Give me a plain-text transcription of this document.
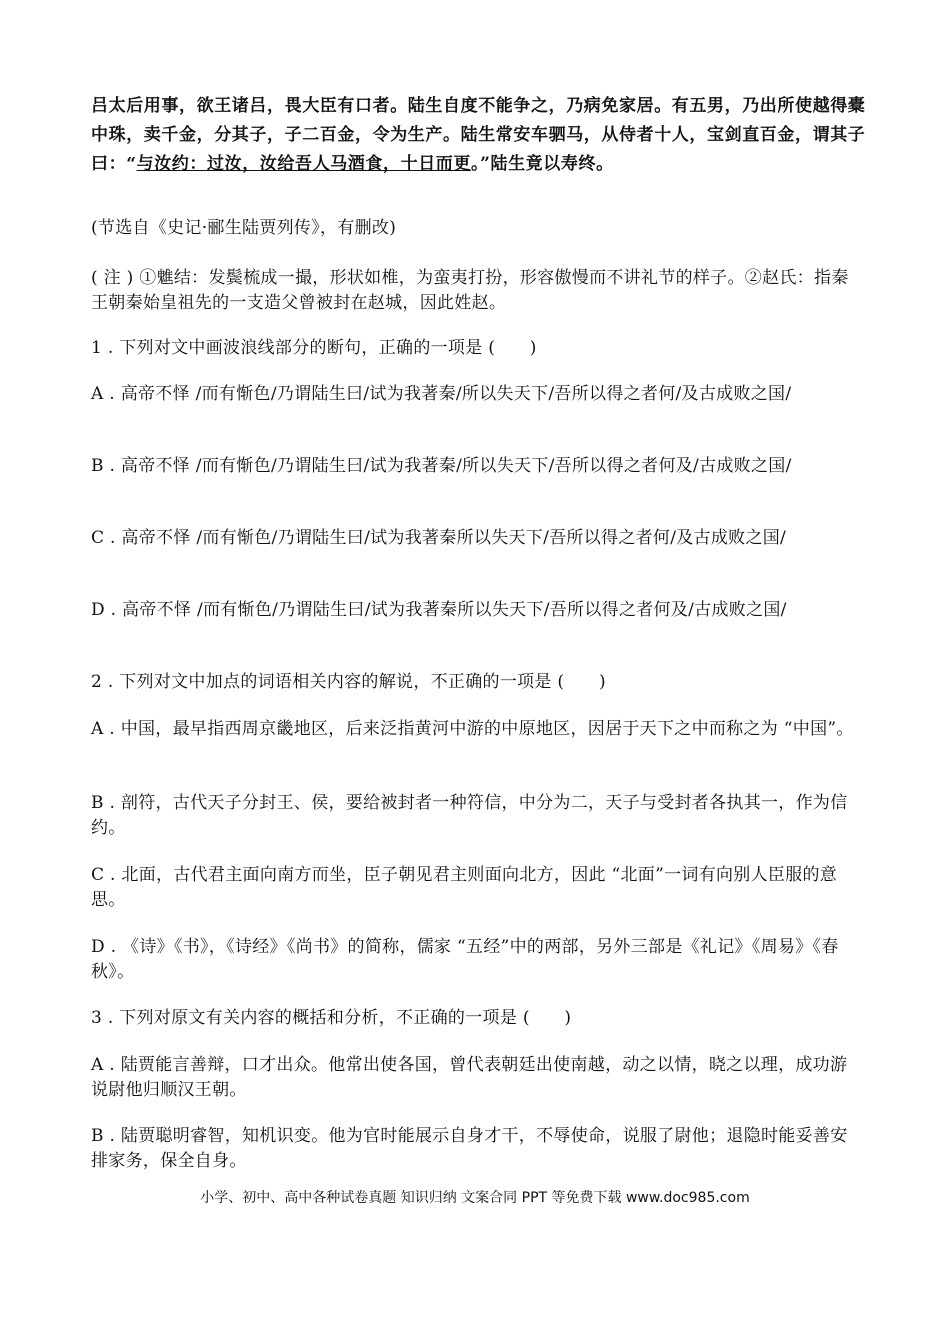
吕太后用事，欲王诸吕，畏大臣有口者。陆生自度不能争之，乃病免家居。有五男，乃出所使越得橐中珠，卖千金，分其子，子二百金，令为生产。陆生常安车驷马，从侍者十人，宝剑直百金，谓其子曰：“与汝约：过汝，汝给吾人马酒食，十日而更。”陆生竟以寿终。
(节选自《史记·郦生陆贾列传》，有删改)
( 注 ) ①魋结：发鬓梳成一撮，形状如椎，为蛮夷打扮，形容傲慢而不讲礼节的样子。②赵氏：指秦王朝秦始皇祖先的一支造父曾被封在赵城，因此姓赵。
1 . 下列对文中画波浪线部分的断句，正确的一项是 (　　)
A . 高帝不怿 /而有惭色/乃谓陆生曰/试为我著秦/所以失天下/吾所以得之者何/及古成败之国/
B . 高帝不怿 /而有惭色/乃谓陆生曰/试为我著秦/所以失天下/吾所以得之者何及/古成败之国/
C . 高帝不怿 /而有惭色/乃谓陆生曰/试为我著秦所以失天下/吾所以得之者何/及古成败之国/
D . 高帝不怿 /而有惭色/乃谓陆生曰/试为我著秦所以失天下/吾所以得之者何及/古成败之国/
2 . 下列对文中加点的词语相关内容的解说，不正确的一项是 (　　)
A . 中国，最早指西周京畿地区，后来泛指黄河中游的中原地区，因居于天下之中而称之为 “中国”。
B . 剖符，古代天子分封王、侯，要给被封者一种符信，中分为二，天子与受封者各执其一，作为信约。
C . 北面，古代君主面向南方而坐，臣子朝见君主则面向北方，因此 “北面”一词有向别人臣服的意思。
D . 《诗》《书》，《诗经》《尚书》的简称，儒家 “五经”中的两部，另外三部是《礼记》《周易》《春秋》。
3 . 下列对原文有关内容的概括和分析，不正确的一项是 (　　)
A . 陆贾能言善辩，口才出众。他常出使各国，曾代表朝廷出使南越，动之以情，晓之以理，成功游说尉他归顺汉王朝。
B . 陆贾聪明睿智，知机识变。他为官时能展示自身才干，不辱使命，说服了尉他；退隐时能妥善安排家务，保全自身。
小学、初中、高中各种试卷真题 知识归纳 文案合同 PPT 等免费下载 www.doc985.com
